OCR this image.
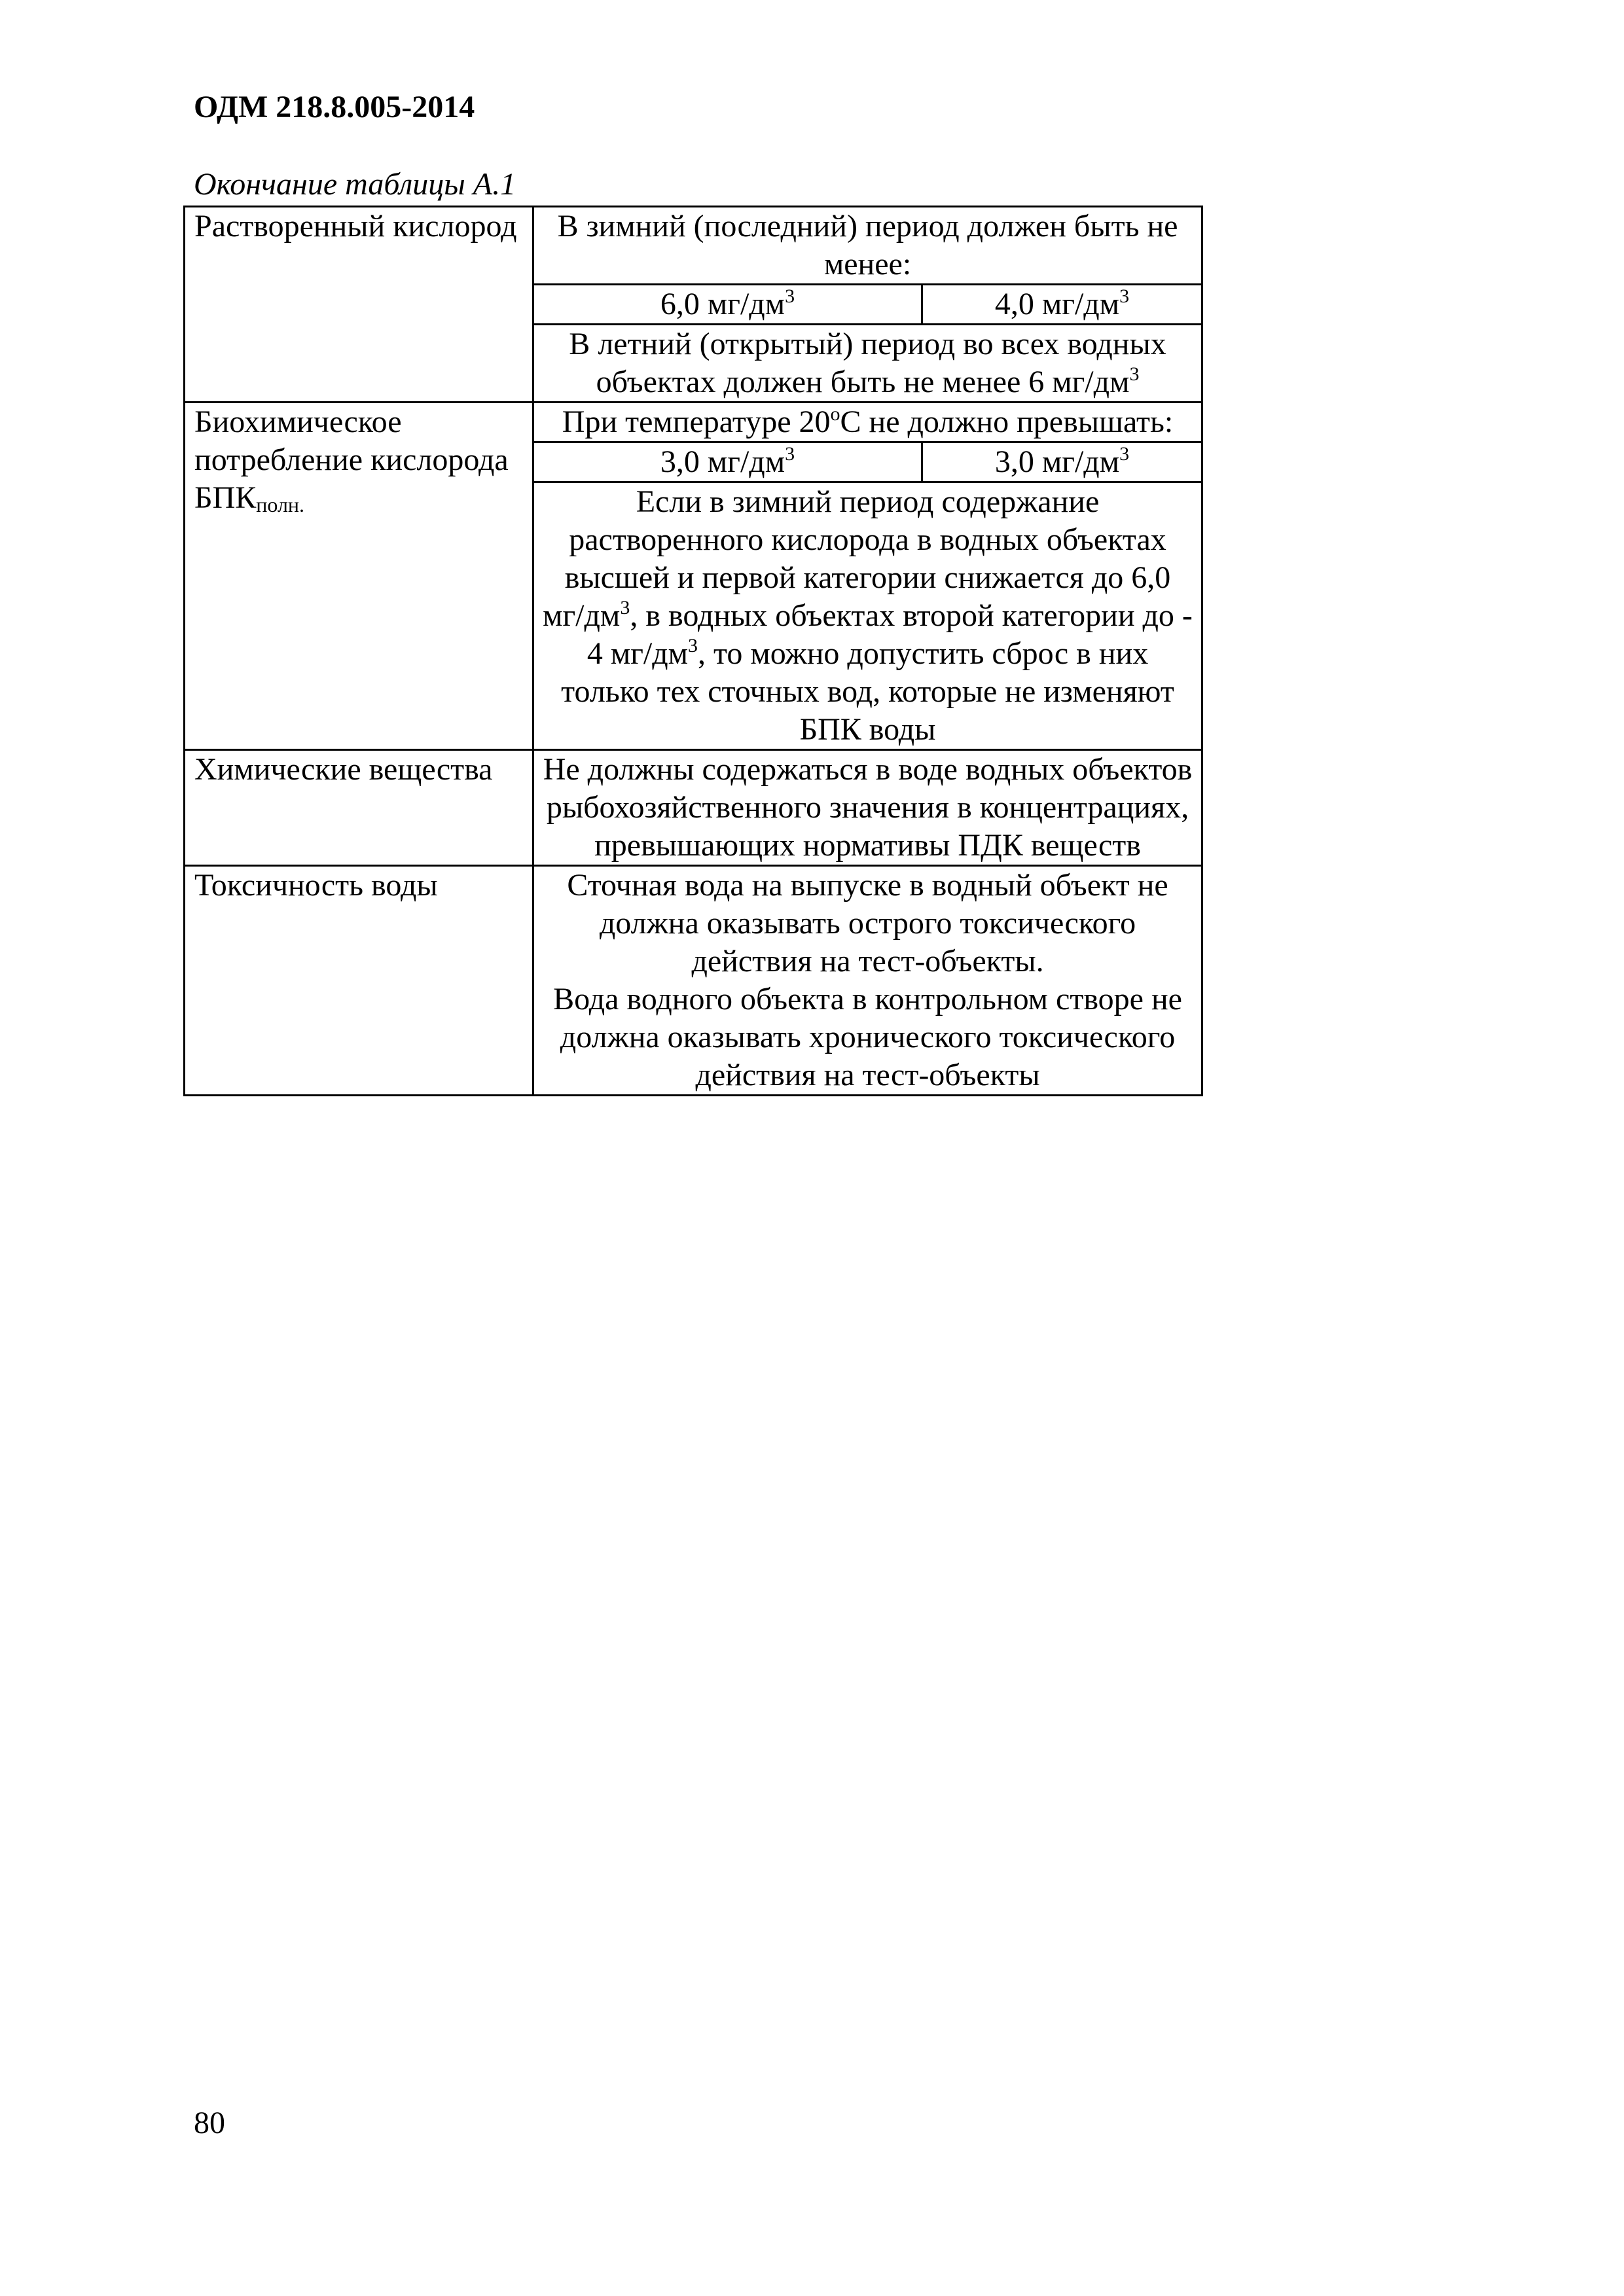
ОДМ 218.8.005-2014
Окончание таблицы А.1
Растворенный кислород	В зимний (последний) период должен быть не менее:	
	6,0 $мг/дм^3$	4,0 $мг/дм^3$
	В летний (открытый) период во всех водных объектах должен быть не менее 6 $мг/дм^3$
Биохимическое потребление кислорода $БПК_{полн.}$	При температуре $20^оС$ не должно превышать:	
	3,0 $мг/дм^3$	3,0 $мг/дм^3$
	Если в зимний период содержание растворенного кислорода в водных объектах высшей и первой категории снижается до 6,0 $мг/дм^3$, в водных объектах второй категории до - 4 $мг/дм^3$, то можно допустить сброс в них только тех сточных вод, которые не изменяют БПК воды	
Химические вещества	Не должны содержаться в воде водных объектов рыбохозяйственного значения в концентрациях, превышающих нормативы ПДК веществ	
Токсичность воды	Сточная вода на выпуске в водный объект не должна оказывать острого токсического действия на тест-объекты.
Вода водного объекта в контрольном створе не должна оказывать хронического токсического действия на тест-объекты	
80
